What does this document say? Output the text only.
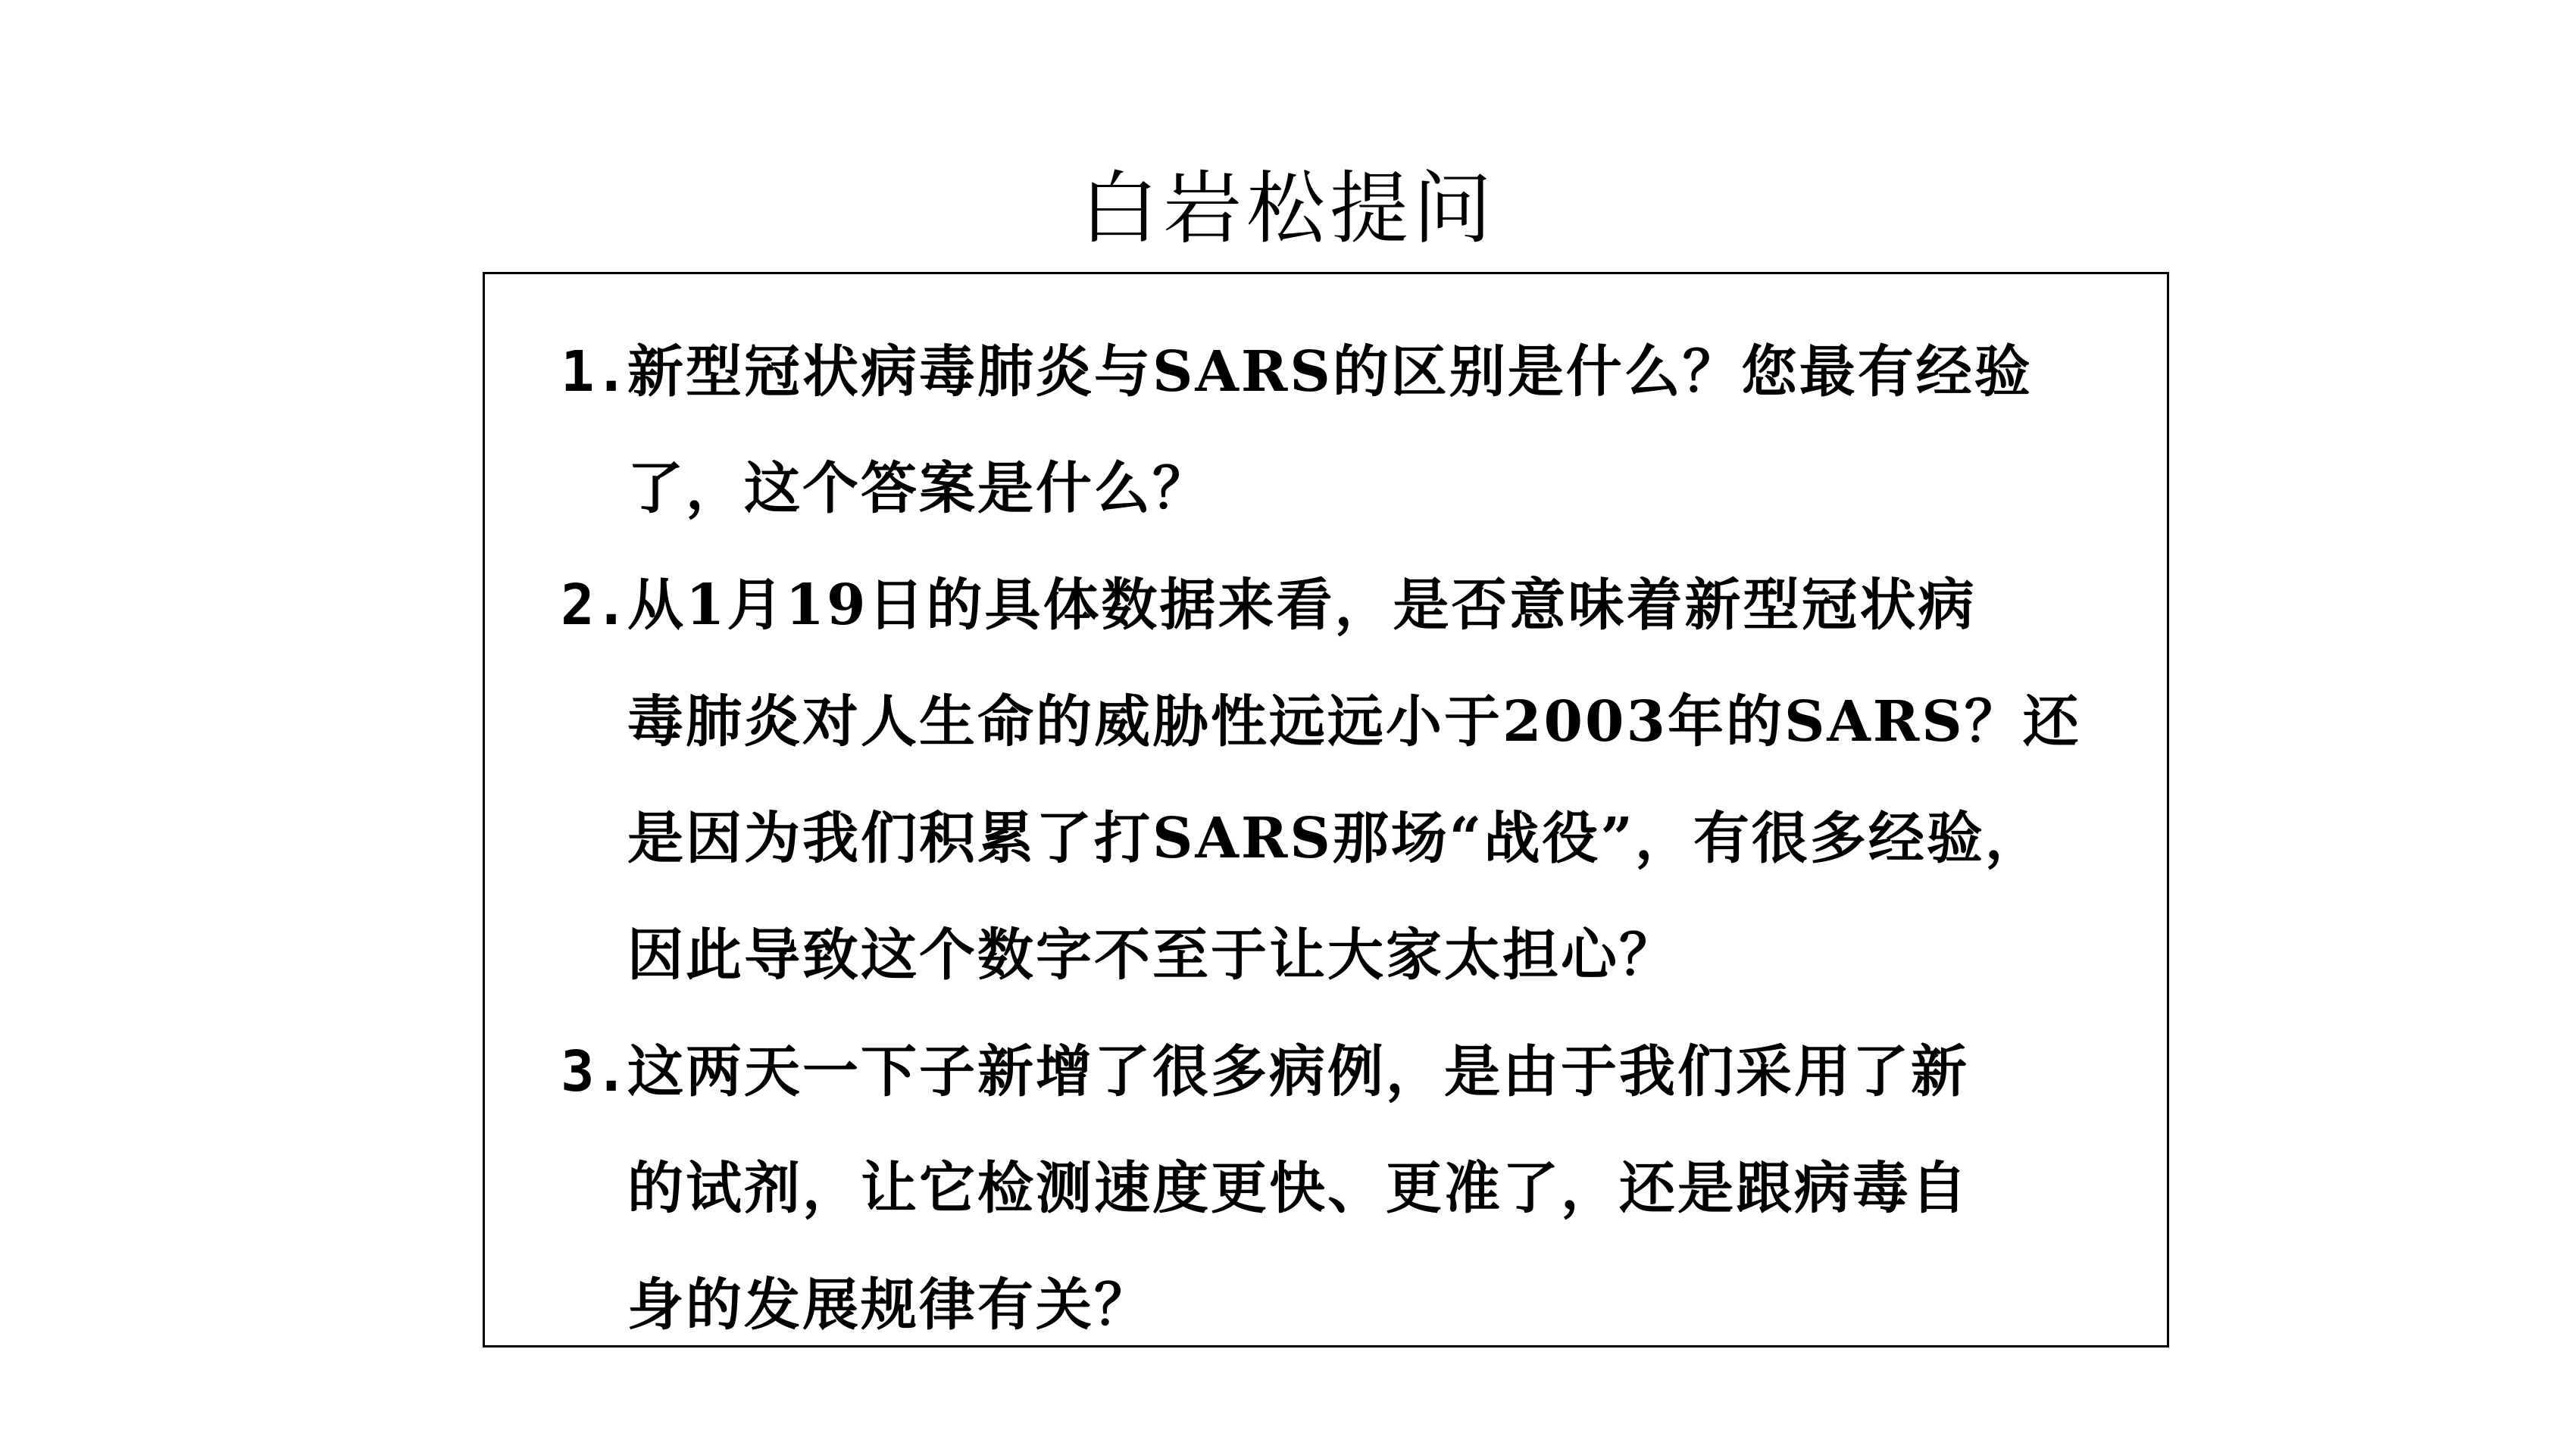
白岩松提问
1.
新型冠状病毒肺炎与SARS的区别是什么？您最有经验
了，这个答案是什么？
2.
从1月19日的具体数据来看，是否意味着新型冠状病
毒肺炎对人生命的威胁性远远小于2003年的SARS？还
是因为我们积累了打SARS那场“战役”，有很多经验，
因此导致这个数字不至于让大家太担心？
3.
这两天一下子新增了很多病例，是由于我们采用了新
的试剂，让它检测速度更快、更准了，还是跟病毒自
身的发展规律有关？
